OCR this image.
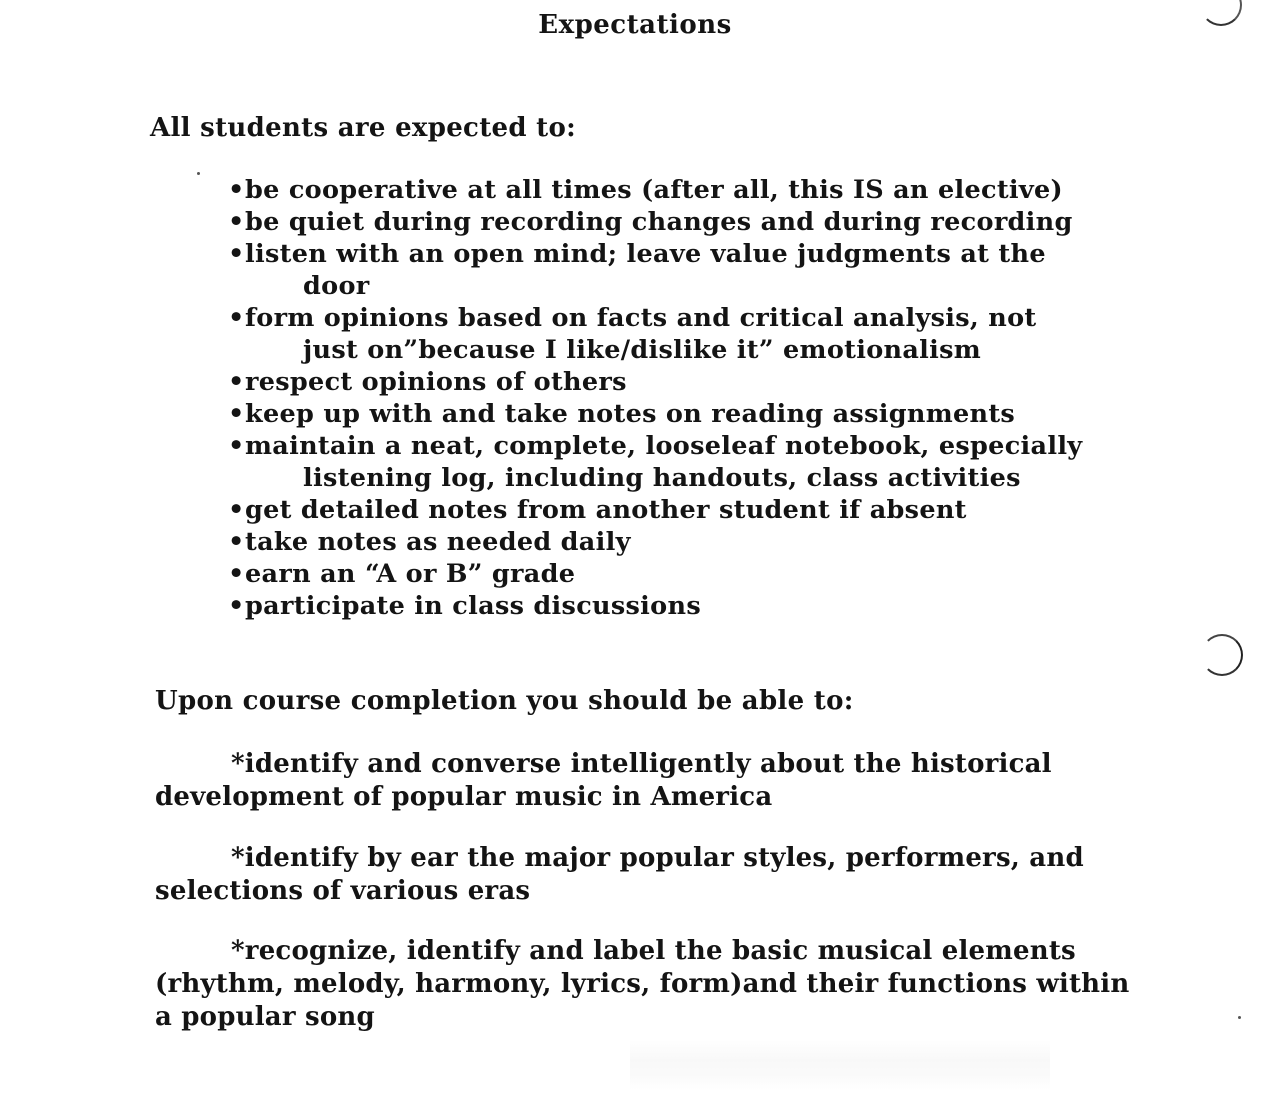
Expectations
All students are expected to:
• be cooperative at all times (after all, this IS an elective)
• be quiet during recording changes and during recording
• listen with an open mind; leave value judgments at the
door
• form opinions based on facts and critical analysis, not
just on”because I like/dislike it” emotionalism
• respect opinions of others
• keep up with and take notes on reading assignments
• maintain a neat, complete, looseleaf notebook, especially
listening log, including handouts, class activities
• get detailed notes from another student if absent
• take notes as needed daily
• earn an “A or B” grade
• participate in class discussions
Upon course completion you should be able to:

*identify and converse intelligently about the historical development of popular music in America

*identify by ear the major popular styles, performers, and selections of various eras

*recognize, identify and label the basic musical elements (rhythm, melody, harmony, lyrics, form)and their functions within a popular song
